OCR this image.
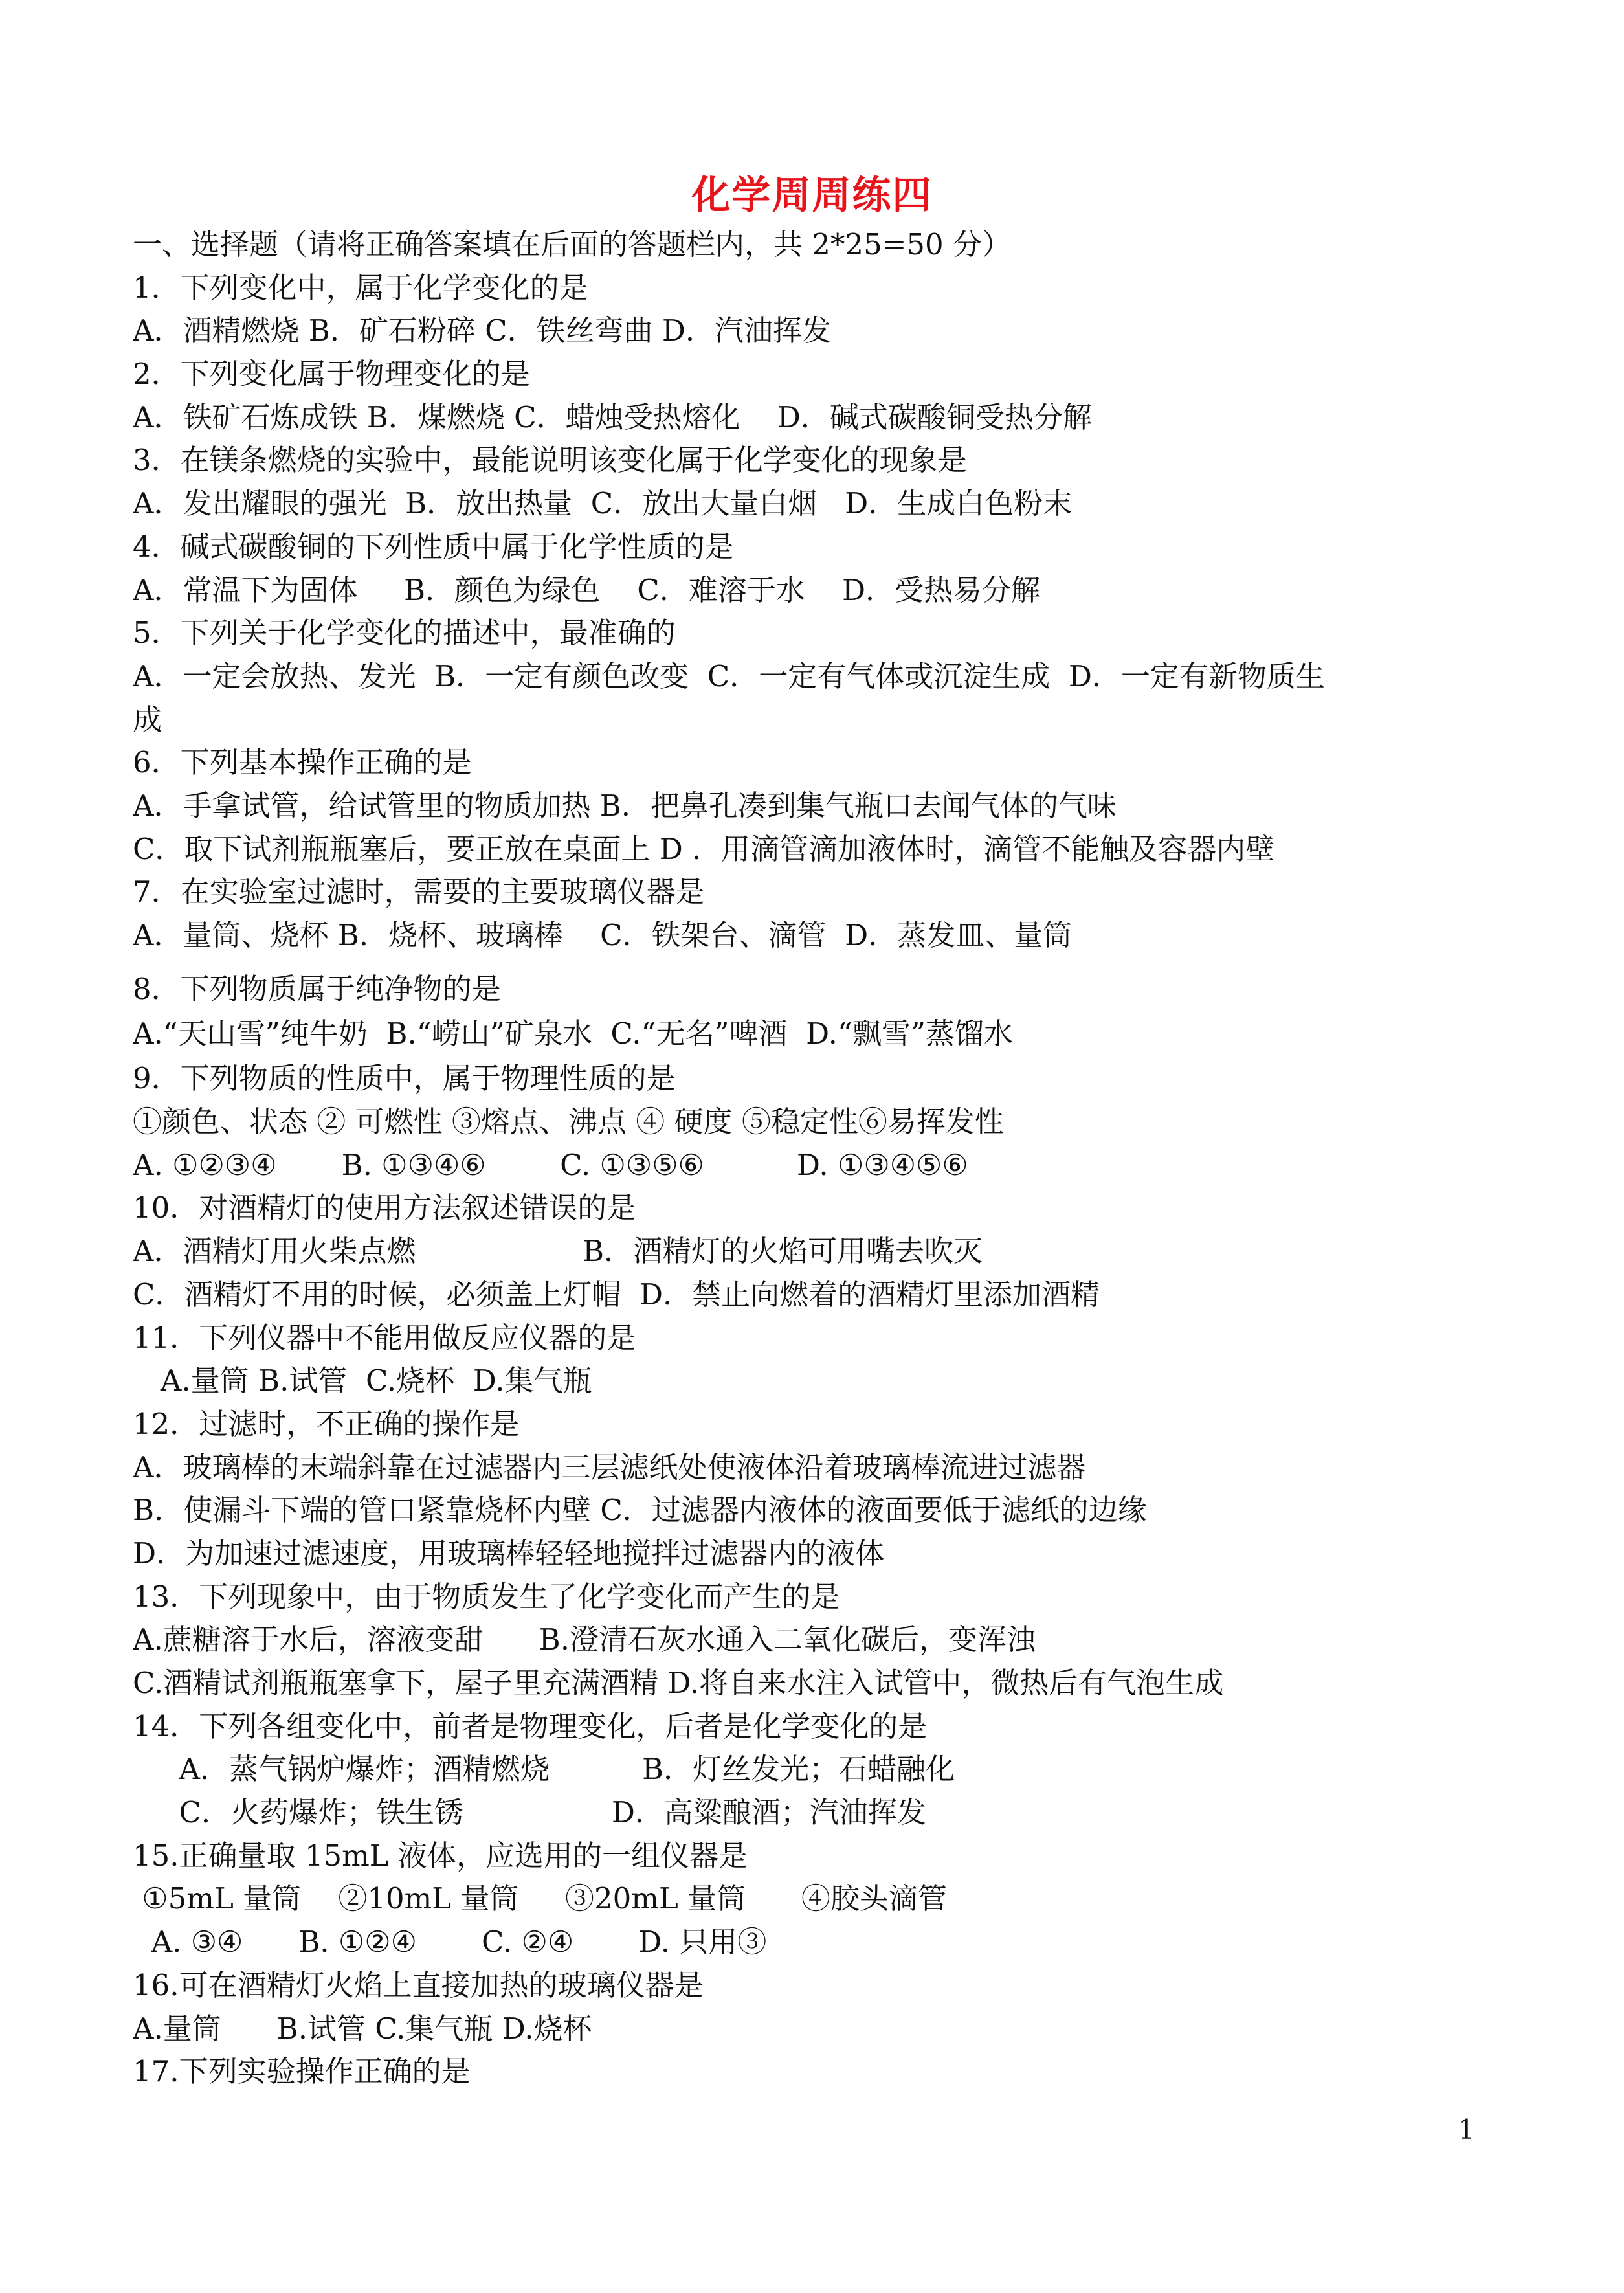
化学周周练四
一、选择题（请将正确答案填在后面的答题栏内，共 2*25=50 分）
1．下列变化中，属于化学变化的是
A．酒精燃烧 B．矿石粉碎 C．铁丝弯曲 D．汽油挥发
2．下列变化属于物理变化的是
A．铁矿石炼成铁 B．煤燃烧 C．蜡烛受热熔化    D．碱式碳酸铜受热分解
3．在镁条燃烧的实验中，最能说明该变化属于化学变化的现象是
A．发出耀眼的强光  B．放出热量  C．放出大量白烟   D．生成白色粉末
4．碱式碳酸铜的下列性质中属于化学性质的是
A．常温下为固体     B．颜色为绿色    C．难溶于水    D．受热易分解
5．下列关于化学变化的描述中，最准确的
A．一定会放热、发光  B．一定有颜色改变  C．一定有气体或沉淀生成  D．一定有新物质生
成
6．下列基本操作正确的是
A．手拿试管，给试管里的物质加热 B．把鼻孔凑到集气瓶口去闻气体的气味
C．取下试剂瓶瓶塞后，要正放在桌面上 D ．用滴管滴加液体时，滴管不能触及容器内壁
7．在实验室过滤时，需要的主要玻璃仪器是
A．量筒、烧杯 B．烧杯、玻璃棒    C．铁架台、滴管  D．蒸发皿、量筒
8．下列物质属于纯净物的是
A.“天山雪”纯牛奶  B.“崂山”矿泉水  C.“无名”啤酒  D.“飘雪”蒸馏水
9．下列物质的性质中，属于物理性质的是
①颜色、状态 ② 可燃性 ③熔点、沸点 ④ 硬度 ⑤稳定性⑥易挥发性
A. ①②③④       B. ①③④⑥        C. ①③⑤⑥          D. ①③④⑤⑥
10．对酒精灯的使用方法叙述错误的是
A．酒精灯用火柴点燃                  B．酒精灯的火焰可用嘴去吹灭
C．酒精灯不用的时候，必须盖上灯帽  D．禁止向燃着的酒精灯里添加酒精
11．下列仪器中不能用做反应仪器的是
A.量筒 B.试管  C.烧杯  D.集气瓶
12．过滤时，不正确的操作是
A．玻璃棒的末端斜靠在过滤器内三层滤纸处使液体沿着玻璃棒流进过滤器
B．使漏斗下端的管口紧靠烧杯内壁 C．过滤器内液体的液面要低于滤纸的边缘
D．为加速过滤速度，用玻璃棒轻轻地搅拌过滤器内的液体
13．下列现象中，由于物质发生了化学变化而产生的是
A.蔗糖溶于水后，溶液变甜      B.澄清石灰水通入二氧化碳后，变浑浊
C.酒精试剂瓶瓶塞拿下，屋子里充满酒精 D.将自来水注入试管中，微热后有气泡生成
14．下列各组变化中，前者是物理变化，后者是化学变化的是
A．蒸气锅炉爆炸；酒精燃烧          B．灯丝发光；石蜡融化
C．火药爆炸；铁生锈                D．高粱酿酒；汽油挥发
15.正确量取 15mL 液体，应选用的一组仪器是
①5mL 量筒    ②10mL 量筒     ③20mL 量筒      ④胶头滴管
A. ③④      B. ①②④       C. ②④       D. 只用③
16.可在酒精灯火焰上直接加热的玻璃仪器是
A.量筒      B.试管 C.集气瓶 D.烧杯
17.下列实验操作正确的是
1
